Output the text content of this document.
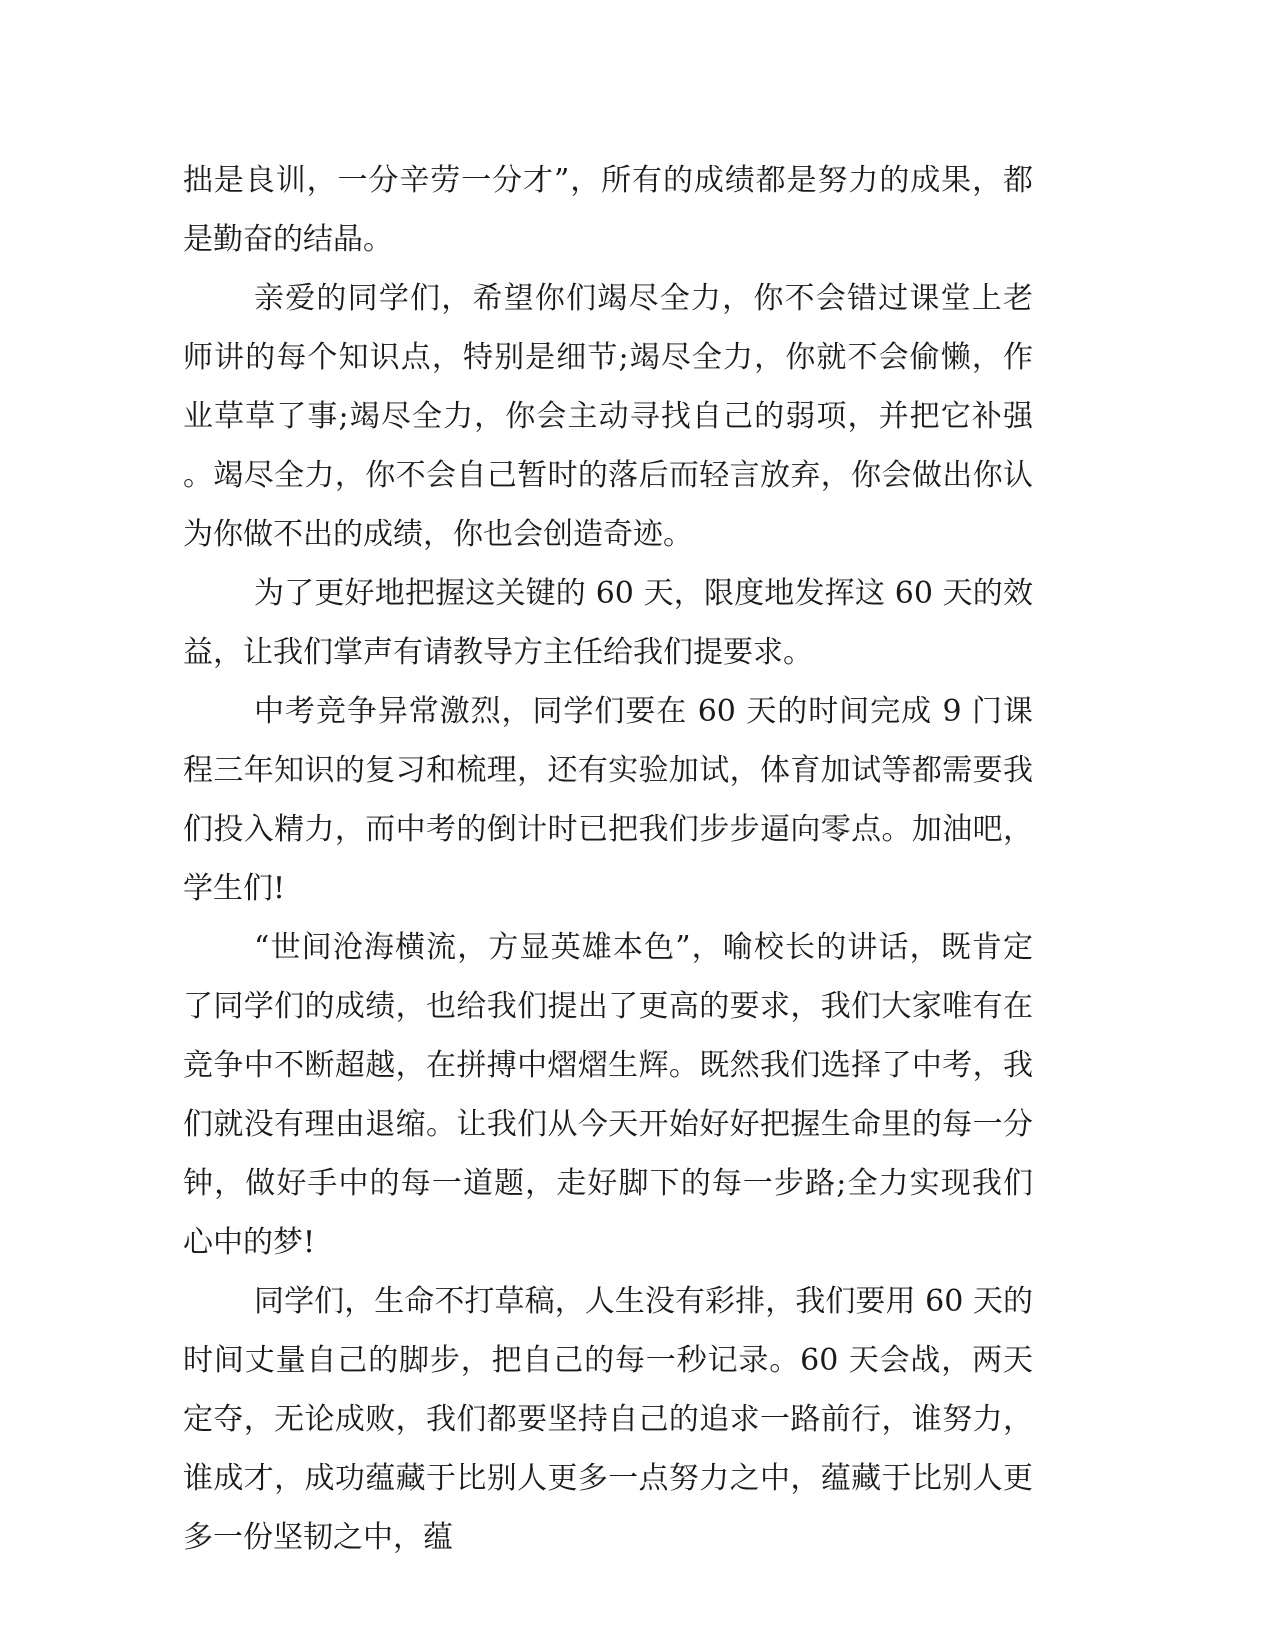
拙是良训，一分辛劳一分才”，所有的成绩都是努力的成果，都是勤奋的结晶。

亲爱的同学们，希望你们竭尽全力，你不会错过课堂上老师讲的每个知识点，特别是细节;竭尽全力，你就不会偷懒，作业草草了事;竭尽全力，你会主动寻找自己的弱项，并把它补强。竭尽全力，你不会自己暂时的落后而轻言放弃，你会做出你认为你做不出的成绩，你也会创造奇迹。

为了更好地把握这关键的 60 天，限度地发挥这 60 天的效益，让我们掌声有请教导方主任给我们提要求。

中考竞争异常激烈，同学们要在 60 天的时间完成 9 门课程三年知识的复习和梳理，还有实验加试，体育加试等都需要我们投入精力，而中考的倒计时已把我们步步逼向零点。加油吧，学生们!

“世间沧海横流，方显英雄本色”，喻校长的讲话，既肯定了同学们的成绩，也给我们提出了更高的要求，我们大家唯有在竞争中不断超越，在拼搏中熠熠生辉。既然我们选择了中考，我们就没有理由退缩。让我们从今天开始好好把握生命里的每一分钟，做好手中的每一道题，走好脚下的每一步路;全力实现我们心中的梦!

同学们，生命不打草稿，人生没有彩排，我们要用 60 天的时间丈量自己的脚步，把自己的每一秒记录。60 天会战，两天定夺，无论成败，我们都要坚持自己的追求一路前行，谁努力，谁成才，成功蕴藏于比别人更多一点努力之中，蕴藏于比别人更多一份坚韧之中，蕴
